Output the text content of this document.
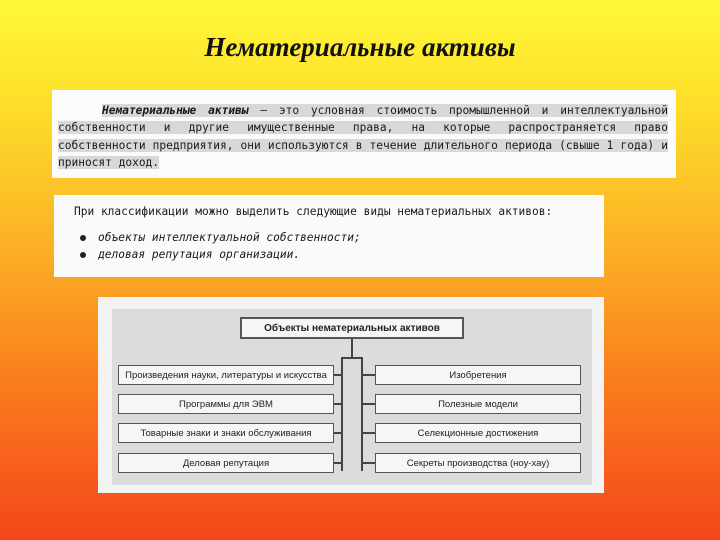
Нематериальные активы
Нематериальные активы – это условная стоимость промышленной и интеллектуальной собственности и другие имущественные права, на которые распространяется право собственности предприятия, они используются в течение длительного периода (свыше 1 года) и приносят доход.
При классификации можно выделить следующие виды нематериальных активов:
объекты интеллектуальной собственности;
деловая репутация организации.
Объекты нематериальных активов
Произведения науки, литературы и искусства
Программы для ЭВМ
Товарные знаки и знаки обслуживания
Деловая репутация
Изобретения
Полезные модели
Селекционные достижения
Секреты производства (ноу-хау)
